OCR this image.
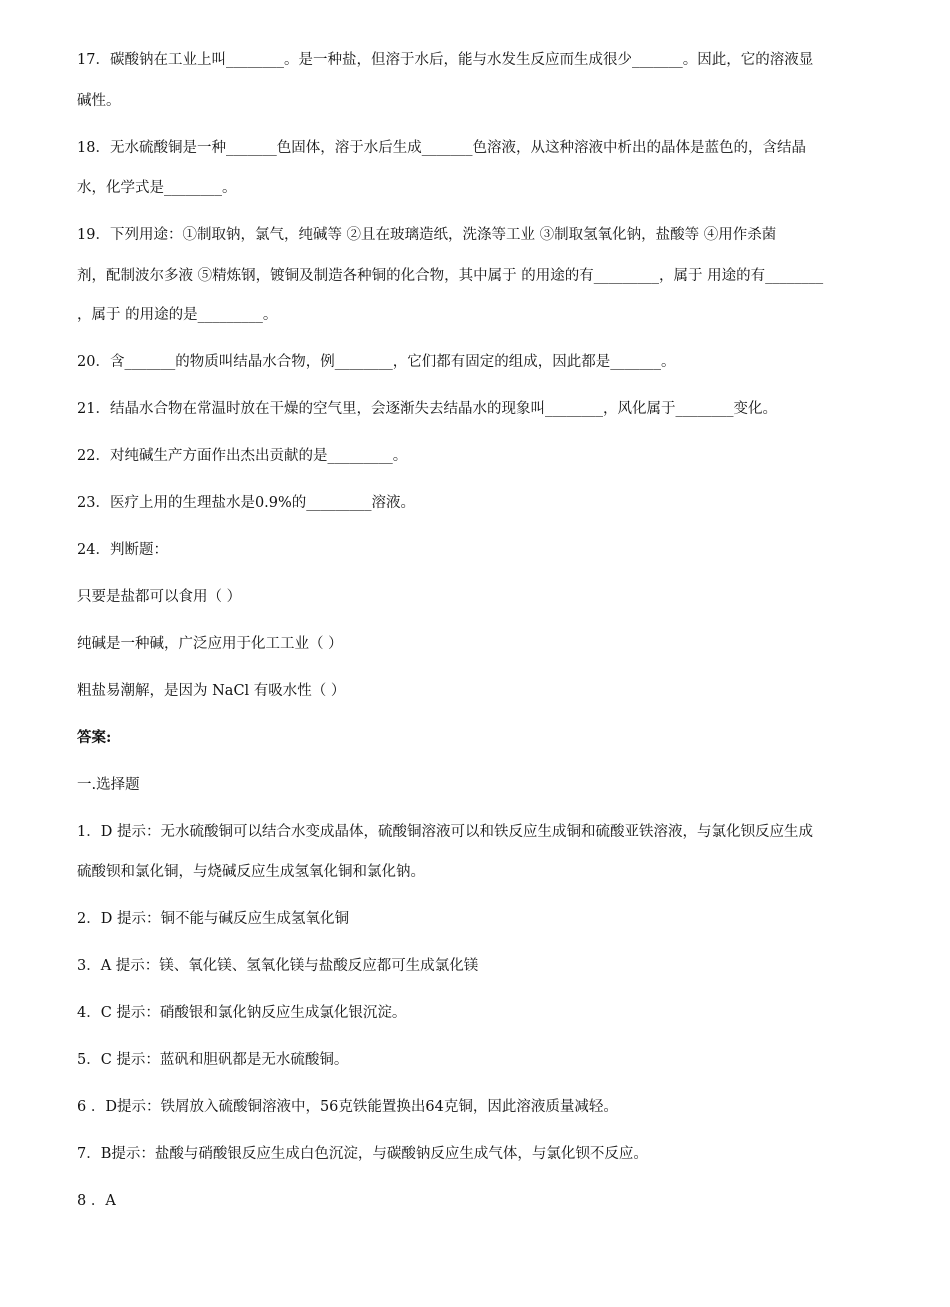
17．碳酸钠在工业上叫________。是一种盐，但溶于水后，能与水发生反应而生成很少_______。因此，它的溶液显
碱性。
18．无水硫酸铜是一种_______色固体，溶于水后生成_______色溶液，从这种溶液中析出的晶体是蓝色的，含结晶
水，化学式是________。
19．下列用途：①制取钠，氯气，纯碱等 ②且在玻璃造纸，洗涤等工业 ③制取氢氧化钠，盐酸等 ④用作杀菌
剂，配制波尔多液 ⑤精炼钢，镀铜及制造各种铜的化合物，其中属于 的用途的有_________，属于 用途的有________
，属于 的用途的是_________。
20．含_______的物质叫结晶水合物，例________，它们都有固定的组成，因此都是_______。
21．结晶水合物在常温时放在干燥的空气里，会逐渐失去结晶水的现象叫________，风化属于________变化。
22．对纯碱生产方面作出杰出贡献的是_________。
23．医疗上用的生理盐水是0.9%的_________溶液。
24．判断题：
只要是盐都可以食用（ ）
纯碱是一种碱，广泛应用于化工工业（ ）
粗盐易潮解，是因为 NaCl 有吸水性（ ）
答案:
一.选择题
1．D 提示：无水硫酸铜可以结合水变成晶体，硫酸铜溶液可以和铁反应生成铜和硫酸亚铁溶液，与氯化钡反应生成
硫酸钡和氯化铜，与烧碱反应生成氢氧化铜和氯化钠。
2．D 提示：铜不能与碱反应生成氢氧化铜
3．A 提示：镁、氧化镁、氢氧化镁与盐酸反应都可生成氯化镁
4．C 提示：硝酸银和氯化钠反应生成氯化银沉淀。
5．C 提示：蓝矾和胆矾都是无水硫酸铜。
6 ．D提示：铁屑放入硫酸铜溶液中，56克铁能置换出64克铜，因此溶液质量减轻。
7．B提示：盐酸与硝酸银反应生成白色沉淀，与碳酸钠反应生成气体，与氯化钡不反应。
8 ．A
